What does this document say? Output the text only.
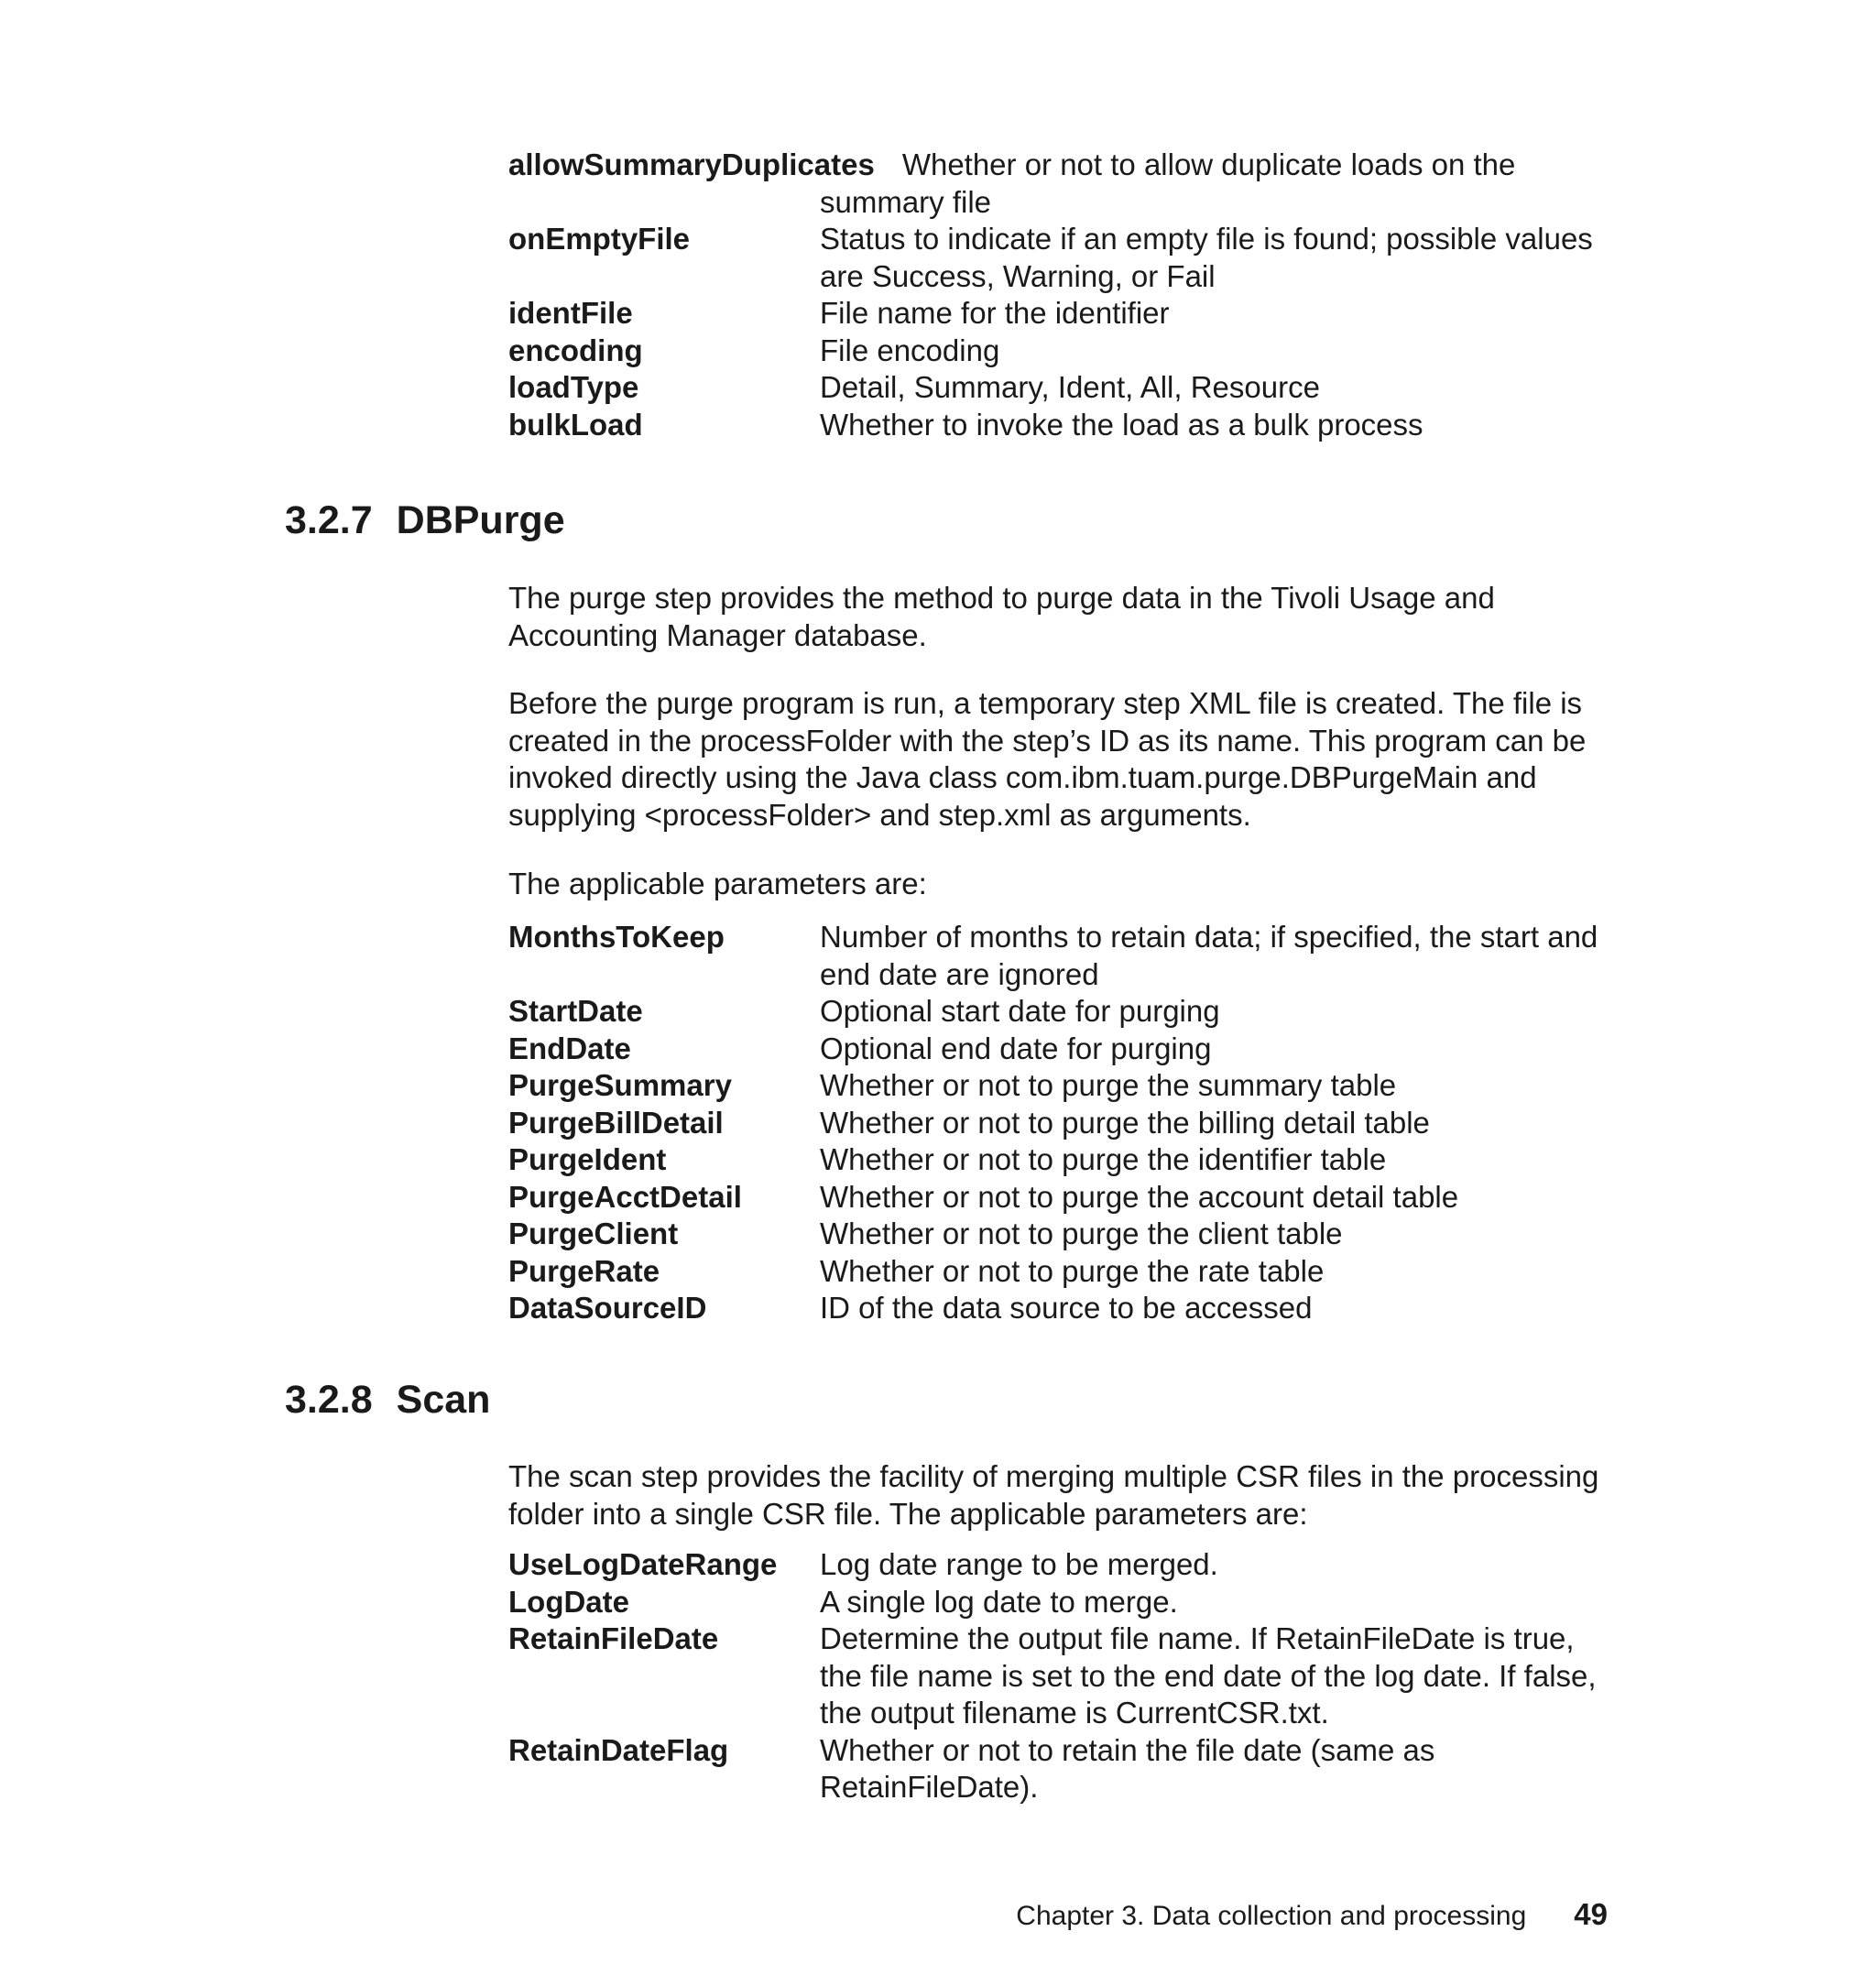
allowSummaryDuplicates Whether or not to allow duplicate loads on the
summary file
onEmptyFile	Status to indicate if an empty file is found; possible values are Success, Warning, or Fail
identFile	File name for the identifier
encoding	File encoding
loadType	Detail, Summary, Ident, All, Resource
bulkLoad	Whether to invoke the load as a bulk process
3.2.7 DBPurge

The purge step provides the method to purge data in the Tivoli Usage and Accounting Manager database.

Before the purge program is run, a temporary step XML file is created. The file is created in the processFolder with the step’s ID as its name. This program can be invoked directly using the Java class com.ibm.tuam.purge.DBPurgeMain and supplying <processFolder> and step.xml as arguments.

The applicable parameters are:

MonthsToKeep	Number of months to retain data; if specified, the start and end date are ignored
StartDate	Optional start date for purging
EndDate	Optional end date for purging
PurgeSummary	Whether or not to purge the summary table
PurgeBillDetail	Whether or not to purge the billing detail table
PurgeIdent	Whether or not to purge the identifier table
PurgeAcctDetail	Whether or not to purge the account detail table
PurgeClient	Whether or not to purge the client table
PurgeRate	Whether or not to purge the rate table
DataSourceID	ID of the data source to be accessed
3.2.8 Scan

The scan step provides the facility of merging multiple CSR files in the processing folder into a single CSR file. The applicable parameters are:

UseLogDateRange	Log date range to be merged.
LogDate	A single log date to merge.
RetainFileDate	Determine the output file name. If RetainFileDate is true, the file name is set to the end date of the log date. If false, the output filename is CurrentCSR.txt.
RetainDateFlag	Whether or not to retain the file date (same as RetainFileDate).
Chapter 3. Data collection and processing 49
